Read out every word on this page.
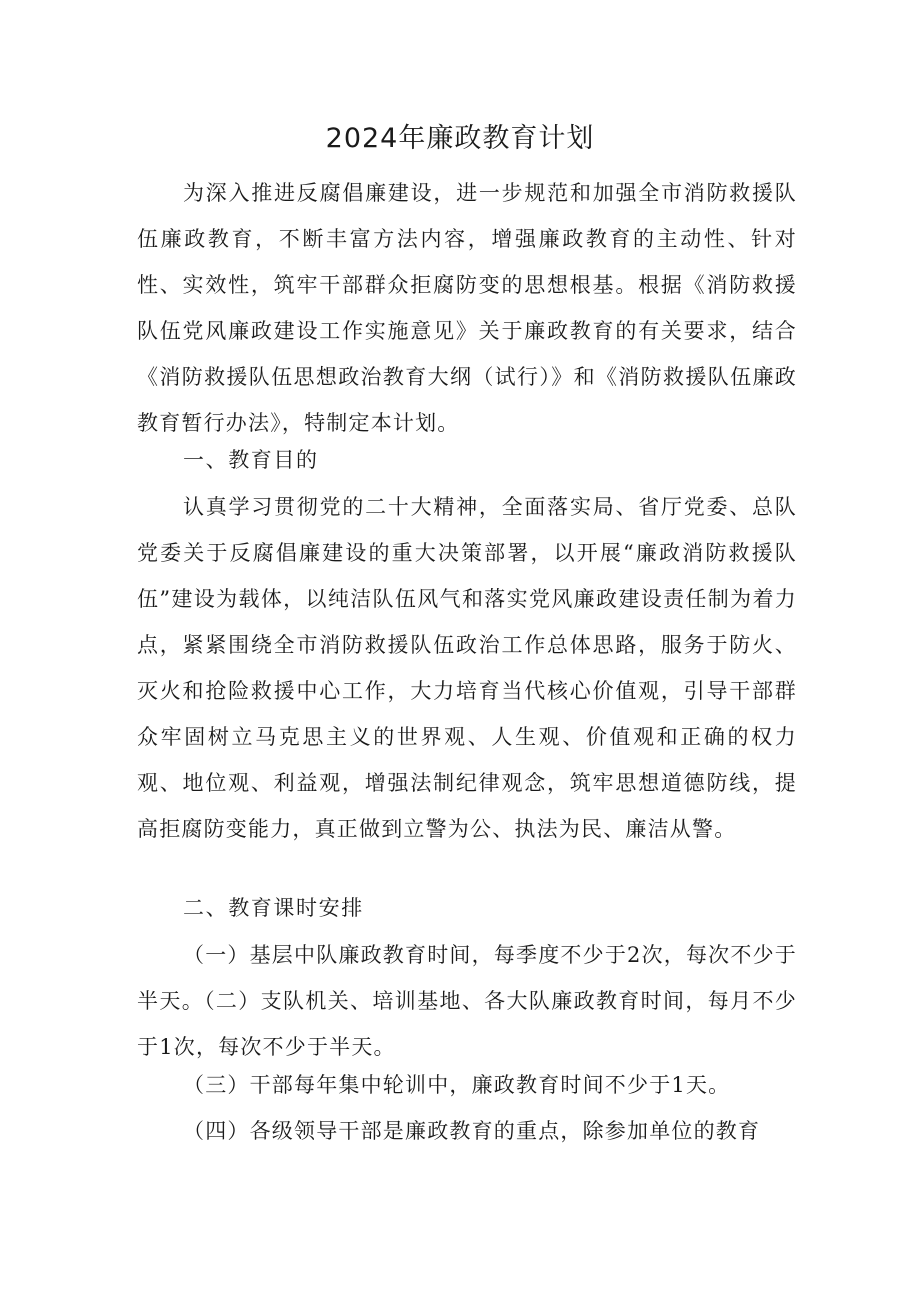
2024年廉政教育计划

为深入推进反腐倡廉建设，进一步规范和加强全市消防救援队伍廉政教育，不断丰富方法内容，增强廉政教育的主动性、针对性、实效性，筑牢干部群众拒腐防变的思想根基。根据《消防救援队伍党风廉政建设工作实施意见》关于廉政教育的有关要求，结合《消防救援队伍思想政治教育大纲（试行）》和《消防救援队伍廉政教育暂行办法》，特制定本计划。

一、教育目的

认真学习贯彻党的二十大精神，全面落实局、省厅党委、总队党委关于反腐倡廉建设的重大决策部署，以开展“廉政消防救援队伍”建设为载体，以纯洁队伍风气和落实党风廉政建设责任制为着力点，紧紧围绕全市消防救援队伍政治工作总体思路，服务于防火、灭火和抢险救援中心工作，大力培育当代核心价值观，引导干部群众牢固树立马克思主义的世界观、人生观、价值观和正确的权力观、地位观、利益观，增强法制纪律观念，筑牢思想道德防线，提高拒腐防变能力，真正做到立警为公、执法为民、廉洁从警。

二、教育课时安排

（一）基层中队廉政教育时间，每季度不少于2次，每次不少于半天。（二）支队机关、培训基地、各大队廉政教育时间，每月不少于1次，每次不少于半天。

（三）干部每年集中轮训中，廉政教育时间不少于1天。

（四）各级领导干部是廉政教育的重点，除参加单位的教育
